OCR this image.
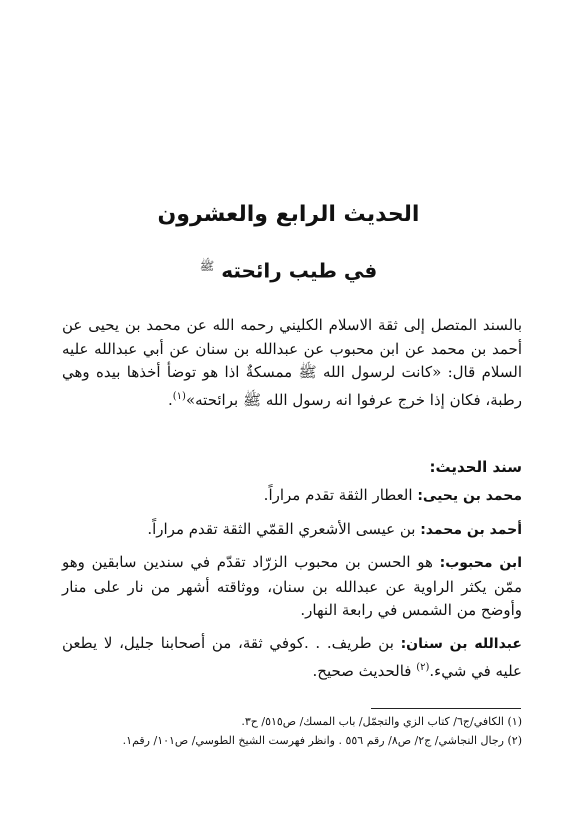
الحديث الرابع والعشرون
في طيب رائحته $^ﷺ$
بالسند المتصل إلى ثقة الاسلام الكليني رحمه الله عن محمد بن يحيى عن أحمد بن محمد عن ابن محبوب عن عبدالله بن سنان عن أبي عبدالله عليه السلام قال: «كانت لرسول الله ﷺ ممسكةٌ اذا هو توضأ أخذها بيده وهي رطبة، فكان إذا خرج عرفوا انه رسول الله ﷺ برائحته»$^{(١)}$.
سند الحديث:
محمد بن يحيى: العطار الثقة تقدم مراراً.
أحمد بن محمد: بن عيسى الأشعري القمّي الثقة تقدم مراراً.
ابن محبوب: هو الحسن بن محبوب الزرّاد تقدّم في سندين سابقين وهو ممّن يكثر الراوية عن عبدالله بن سنان، ووثاقته أشهر من نار على منار وأوضح من الشمس في رابعة النهار.
عبدالله بن سنان: بن طريف. . .كوفي ثقة، من أصحابنا جليل، لا يطعن عليه في شيء.$^{(٢)}$ فالحديث صحيح.
(١) الكافي/ج٦/ كتاب الزي والتجمّل/ باب المسك/ ص٥١٥/ ح٣.
(٢) رجال النجاشي/ ج٢/ ص٨/ رقم ٥٥٦ . وانظر فهرست الشيخ الطوسي/ ص١٠١/ رقم١.
